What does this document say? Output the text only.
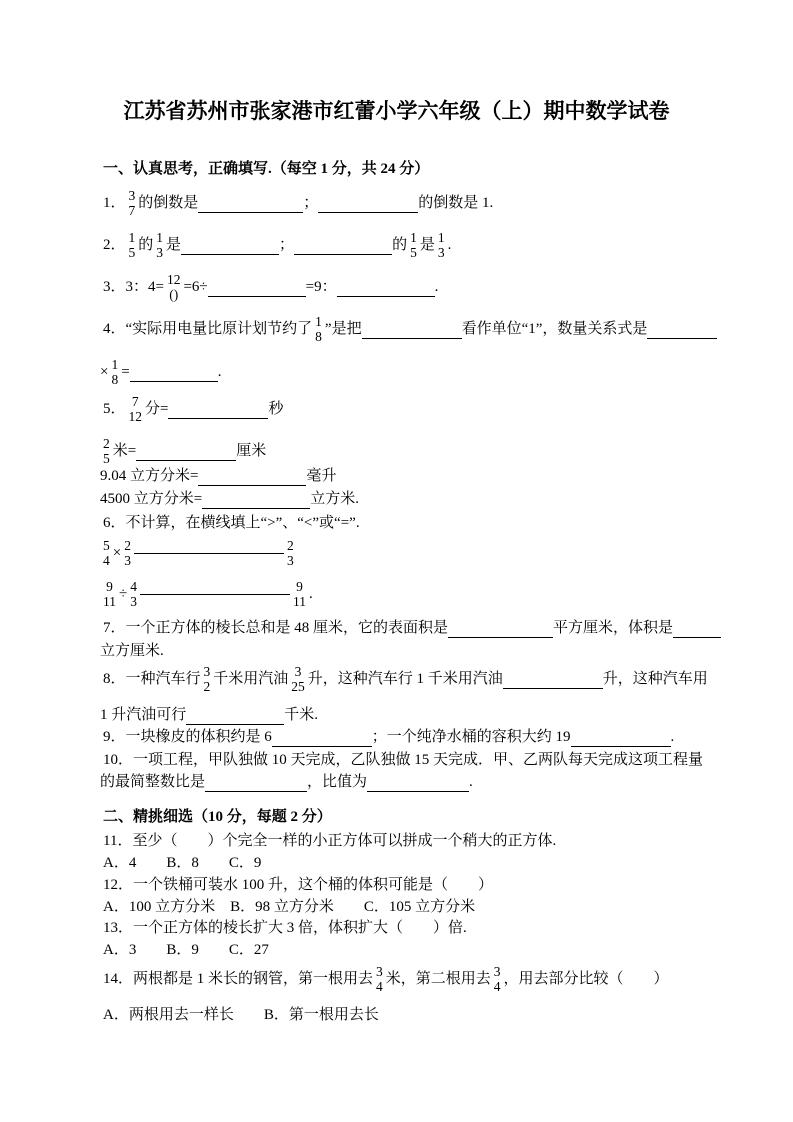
江苏省苏州市张家港市红蕾小学六年级（上）期中数学试卷
一、认真思考，正确填写.（每空 1 分，共 24 分）
1． 3
7 的倒数是	；	的倒数是 1.
2． 1
5 的 1
3 是	；	的 1
5 是 1
3 .
3．3：4= 12
() =6÷	=9：	.
4．“实际用电量比原计划节约了 1
8 ”是把	看作单位“1”，数量关系式是
× 1
8 =	.
5． 7
12 分=	秒
2
5 米=	厘米
9.04 立方分米=	毫升
4500 立方分米=	立方米.
6．不计算，在横线填上“>”、“<”或“=”.
5
4 × 2
3
2
3
9
11 ÷ 4
3
9
11 .
7．一个正方体的棱长总和是 48 厘米，它的表面积是	平方厘米，体积是
立方厘米.
8．一种汽车行 3
2 千米用汽油 3
25 升，这种汽车行 1 千米用汽油	升，这种汽车用
1 升汽油可行	千米.
9．一块橡皮的体积约是 6	；一个纯净水桶的容积大约 19	.
10．一项工程，甲队独做 10 天完成，乙队独做 15 天完成．甲、乙两队每天完成这项工程量
的最简整数比是	，比值为	.
二、精挑细选（10 分，每题 2 分）
11．至少（　　）个完全一样的小正方体可以拼成一个稍大的正方体.
A．4　　B．8　　C．9
12．一个铁桶可装水 100 升，这个桶的体积可能是（　　）
A．100 立方分米　B．98 立方分米　　C．105 立方分米
13．一个正方体的棱长扩大 3 倍，体积扩大（　　）倍.
A．3　　B．9　　C．27
14．两根都是 1 米长的钢管，第一根用去 3
4 米，第二根用去 3
4 ，用去部分比较（　　）
A．两根用去一样长　　B．第一根用去长
